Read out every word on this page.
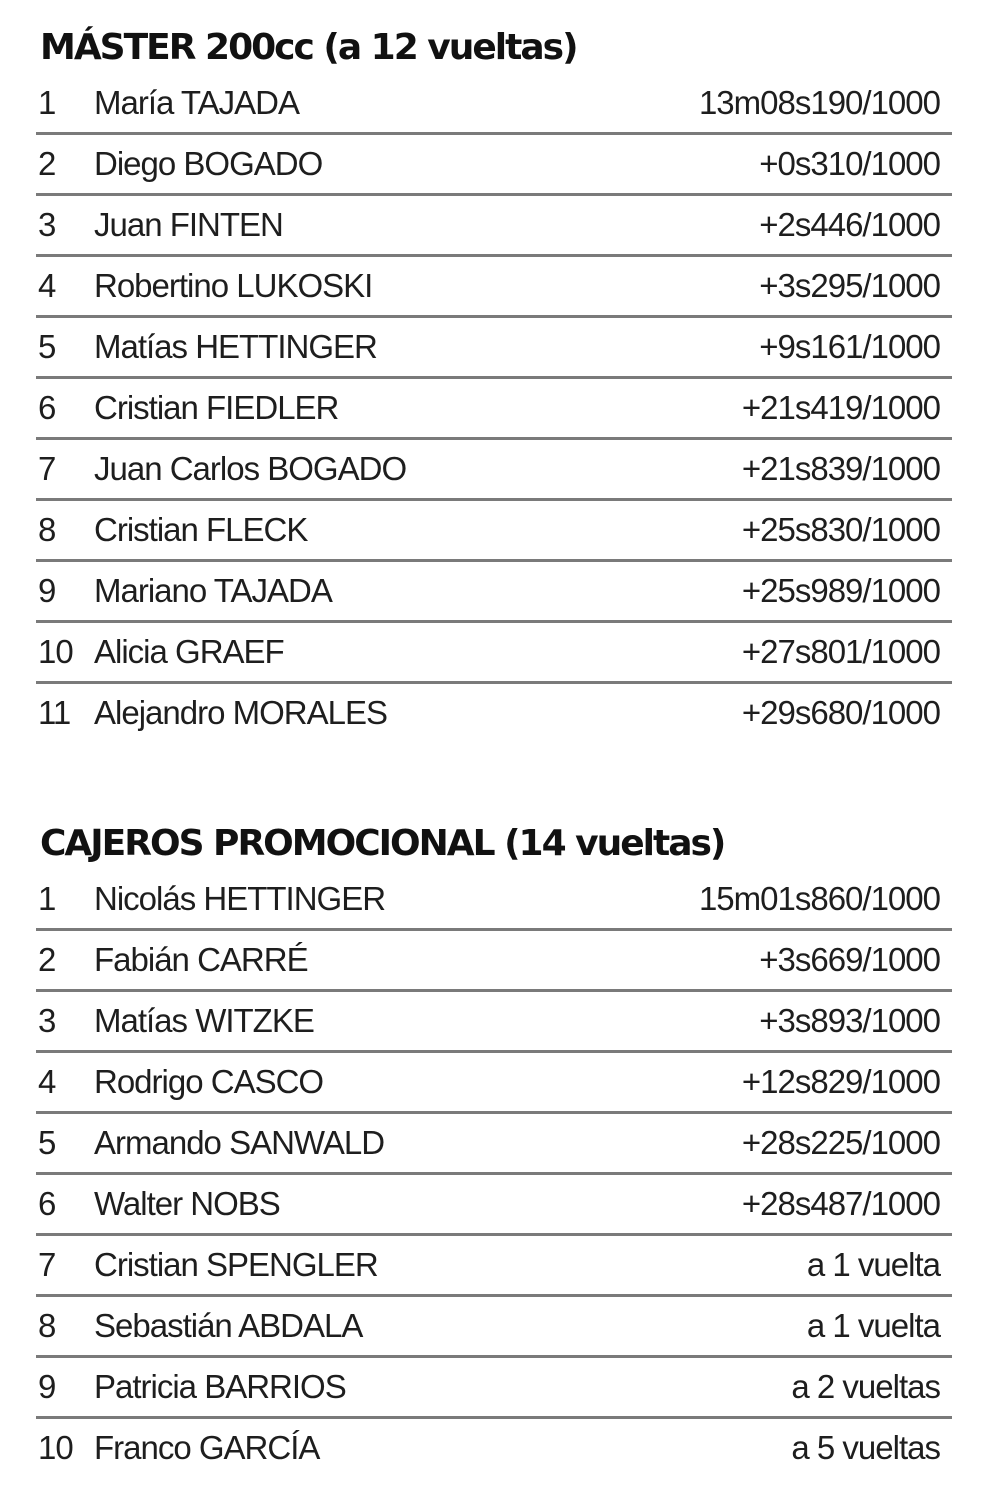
MÁSTER 200cc (a 12 vueltas)
1	María TAJADA	13m08s190/1000
2	Diego BOGADO	+0s310/1000
3	Juan FINTEN	+2s446/1000
4	Robertino LUKOSKI	+3s295/1000
5	Matías HETTINGER	+9s161/1000
6	Cristian FIEDLER	+21s419/1000
7	Juan Carlos BOGADO	+21s839/1000
8	Cristian FLECK	+25s830/1000
9	Mariano TAJADA	+25s989/1000
10 Alicia GRAEF	+27s801/1000
11 Alejandro MORALES	+29s680/1000
CAJEROS PROMOCIONAL (14 vueltas)
1	Nicolás HETTINGER	15m01s860/1000
2	Fabián CARRÉ	+3s669/1000
3	Matías WITZKE	+3s893/1000
4	Rodrigo CASCO	+12s829/1000
5	Armando SANWALD	+28s225/1000
6	Walter NOBS	+28s487/1000
7	Cristian SPENGLER	a 1 vuelta
8	Sebastián ABDALA	a 1 vuelta
9	Patricia BARRIOS	a 2 vueltas
10 Franco GARCÍA	a 5 vueltas
